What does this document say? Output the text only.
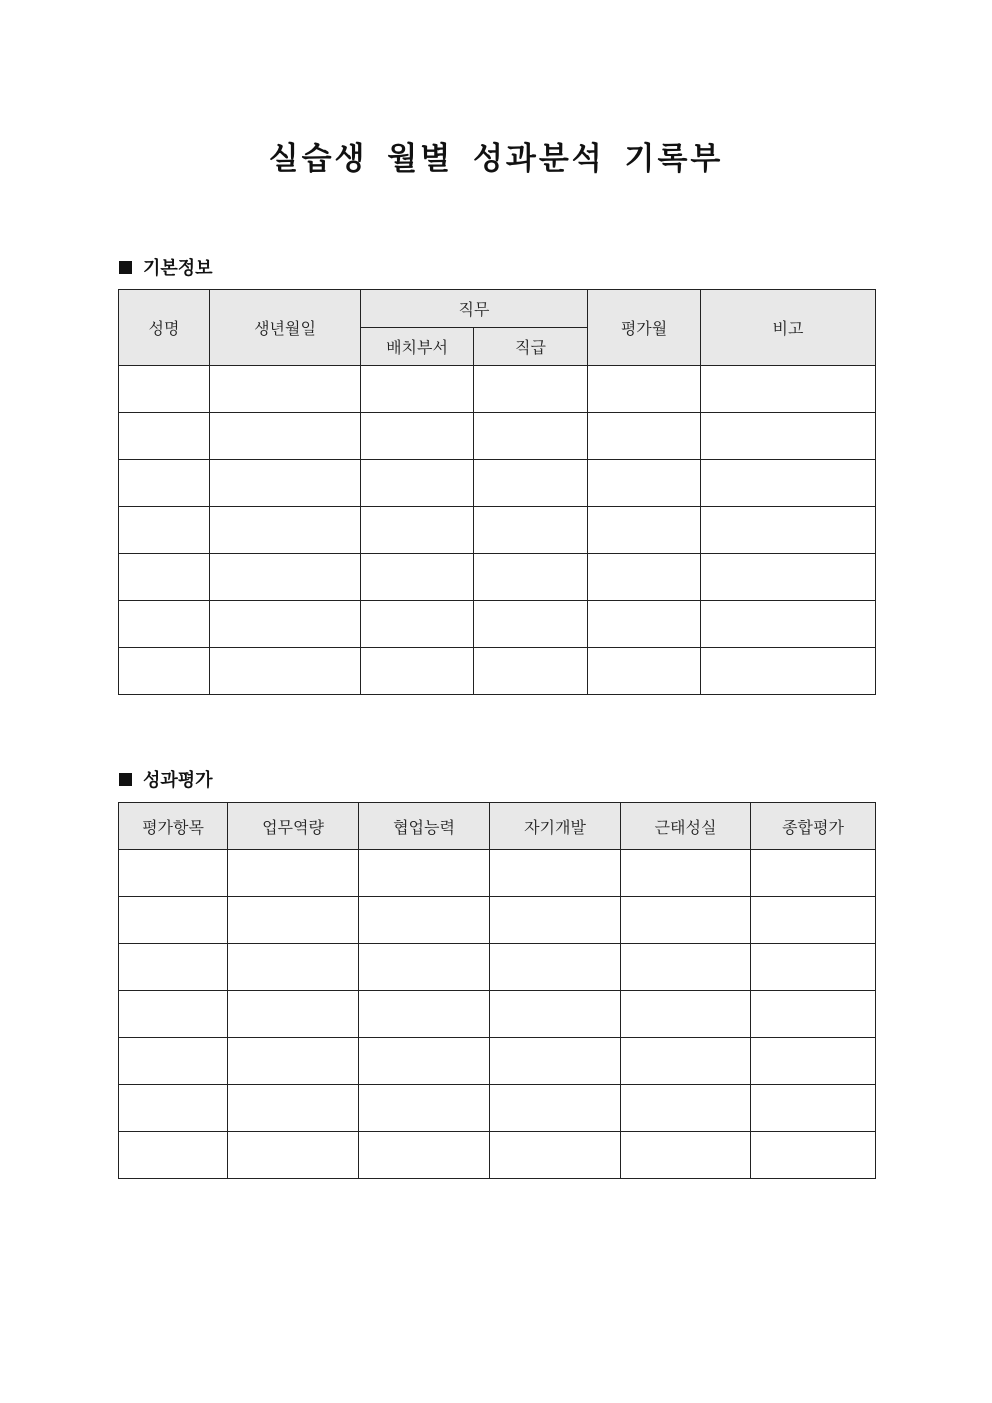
실습생 월별 성과분석 기록부
기본정보
성명	생년월일	직무		평가월	비고
		배치부서	직급		

성과평가
평가항목	업무역량	협업능력	자기개발	근태성실	종합평가
